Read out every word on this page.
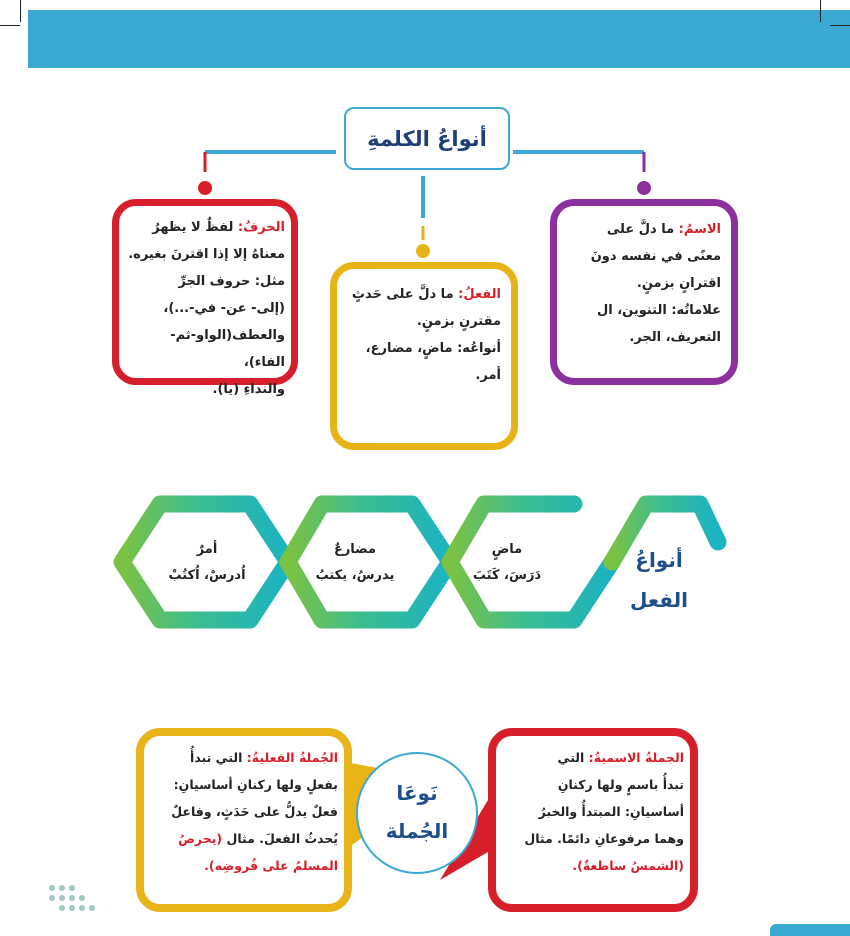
أنواعُ الكلمةِ
الحرفُ: لفظٌ لا يظهرُ
معناهُ إلا إذا اقترنَ بغيره.
مثل: حروف الجرِّ
(إلى- عن- في-...)،
والعطف(الواو-ثم- الفاء)،
والنداءِ (يا).
الفعلُ: ما دلَّ على حَدثٍ
مقترنٍ بزمنٍ.
أنواعُه: ماضٍ، مضارع،
أمر.
الاسمُ: ما دلَّ على
معنًى في نفسه دونَ
اقترانٍ بزمنٍ.
علاماتُه: التنوين، ال
التعريف، الجر.
أمرٌ
اُدرسْ، اُكتُبْ
مضارعٌ
يدرسُ، يكتبُ
ماضٍ
دَرَسَ، كَتَبَ
أنواعُ
الفعل
الجُملةُ الفعليةُ: التي تبدأُ
بفعلٍ ولها ركنانِ أساسيانِ:
فعلٌ يدلُّ على حَدَثٍ، وفاعلٌ
يُحدثُ الفعلَ. مثال (يحرصُ
المسلمُ على فُروضِه).
الجملةُ الاسميةُ: التي
تبدأُ باسمٍ ولها ركنانِ
أساسيانِ: المبتدأُ والخبرُ
وهما مرفوعانِ دائمًا. مثال
(الشمسُ ساطعةٌ).
نَوعَا
الجُملة
